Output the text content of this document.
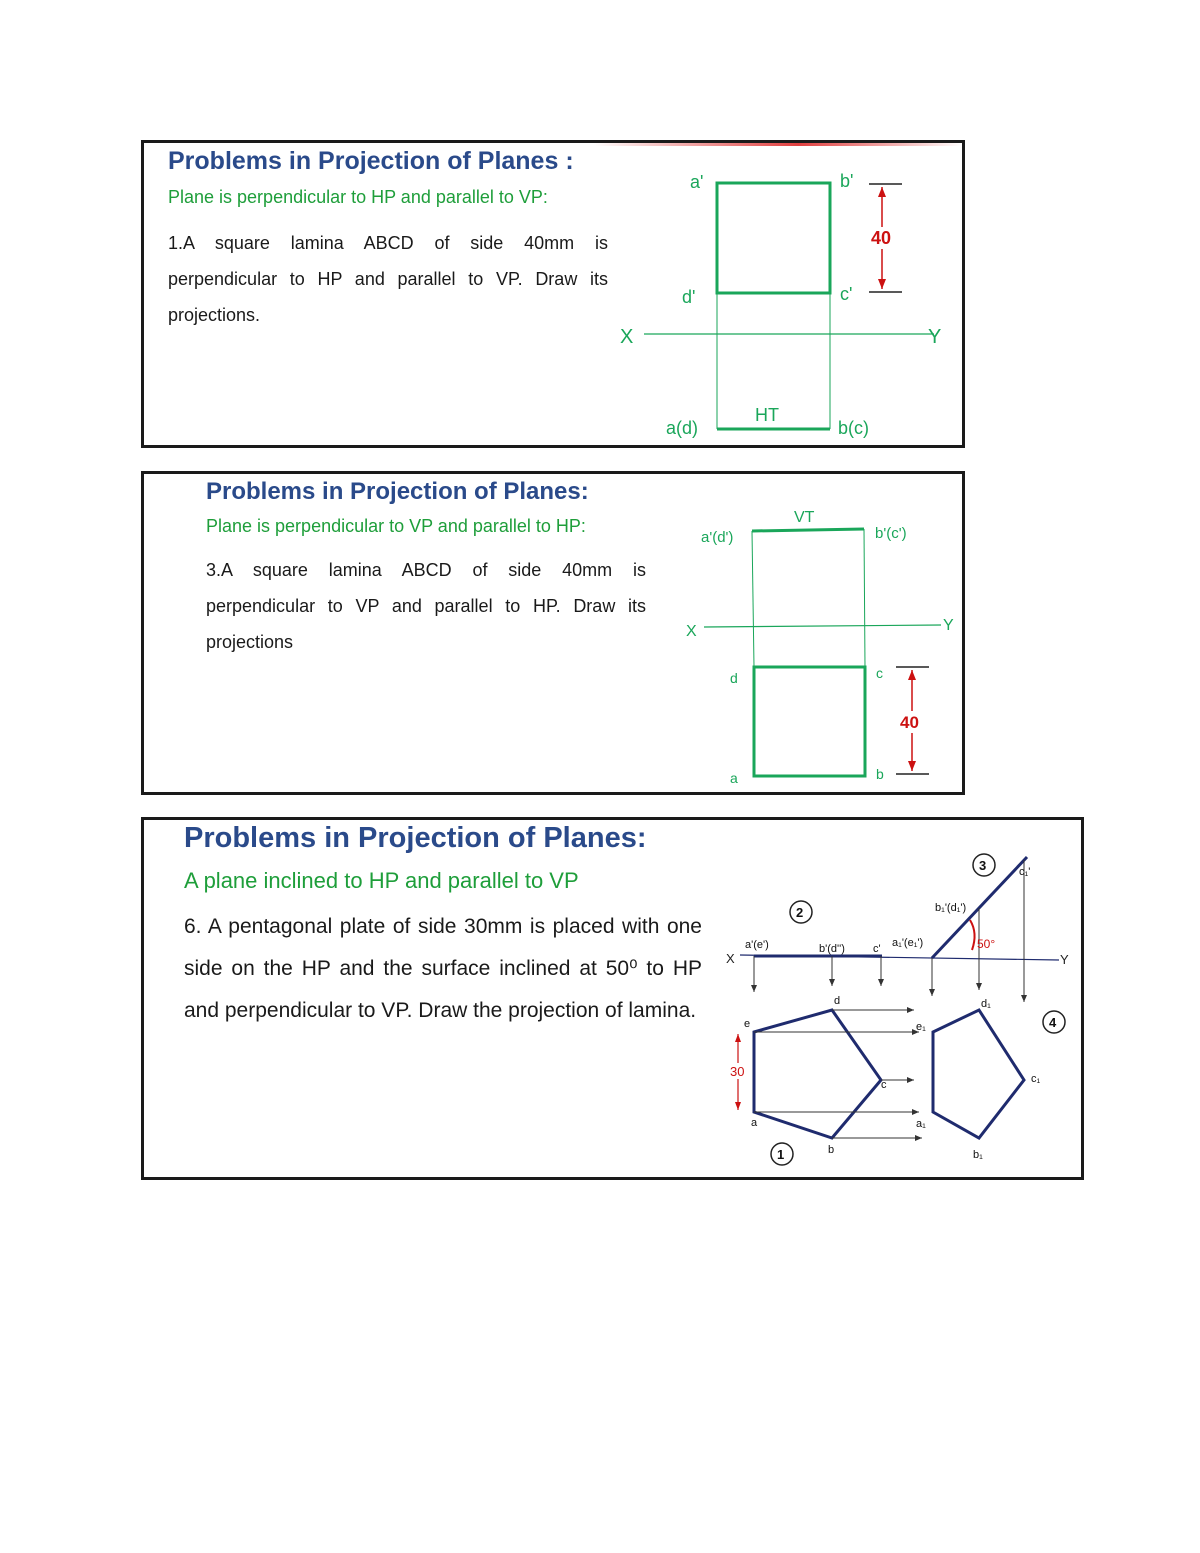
Problems in Projection of Planes :
Plane is perpendicular to HP and parallel to VP:
1.A square lamina ABCD of side 40mm is perpendicular to HP and parallel to VP. Draw its projections.
X	Y
a'	b'
c'
d'
a(d)	b(c)
HT
40
Problems in Projection of Planes:
Plane is perpendicular to VP and parallel to HP:
3.A square lamina ABCD of side 40mm is perpendicular to VP and parallel to HP. Draw its projections
X	Y
VT
a'(d')	b'(c')
d	c
a	b
40
Problems in Projection of Planes:
A plane inclined to HP and parallel to VP
6. A pentagonal plate of side 30mm is placed with one side on the HP and the surface inclined at 50⁰ to HP and perpendicular to VP. Draw the projection of lamina.
X	Y
30
50°
a'(e')	b'(d'')	c' a₁'(e₁')
b₁'(d₁')
c₁'
e
d
c
a
b
e₁
d₁
c₁
a₁
b₁
1
2
3
4
